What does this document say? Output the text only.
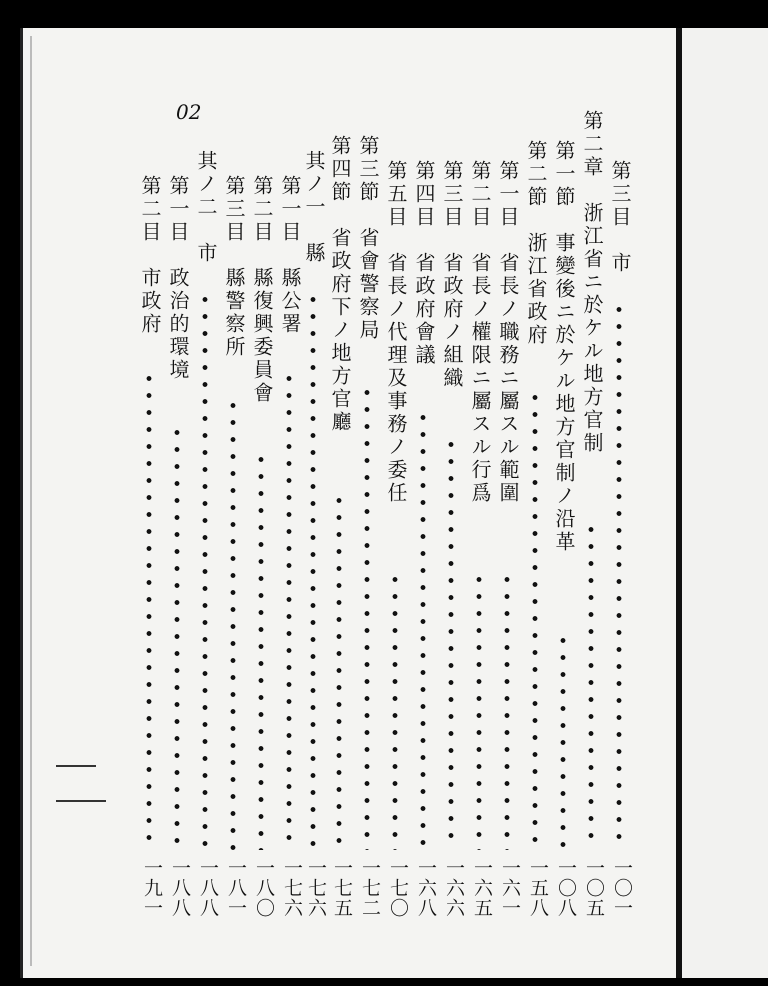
02
第三目　市
一〇一
第二章　浙江省ニ於ケル地方官制
一〇五
第一節　事變後ニ於ケル地方官制ノ沿革
一〇八
第二節　浙江省政府
一五八
第一目　省長ノ職務ニ屬スル範圍
一六一
第二目　省長ノ權限ニ屬スル行爲
一六五
第三目　省政府ノ組織
一六六
第四目　省政府會議
一六八
第五目　省長ノ代理及事務ノ委任
一七〇
第三節　省會警察局
一七二
第四節　省政府下ノ地方官廳
一七五
其ノ一　縣
一七六
第一目　縣公署
一七六
第二目　縣復興委員會
一八〇
第三目　縣警察所
一八一
其ノ二　市
一八八
第一目　政治的環境
一八八
第二目　市政府
一九一
